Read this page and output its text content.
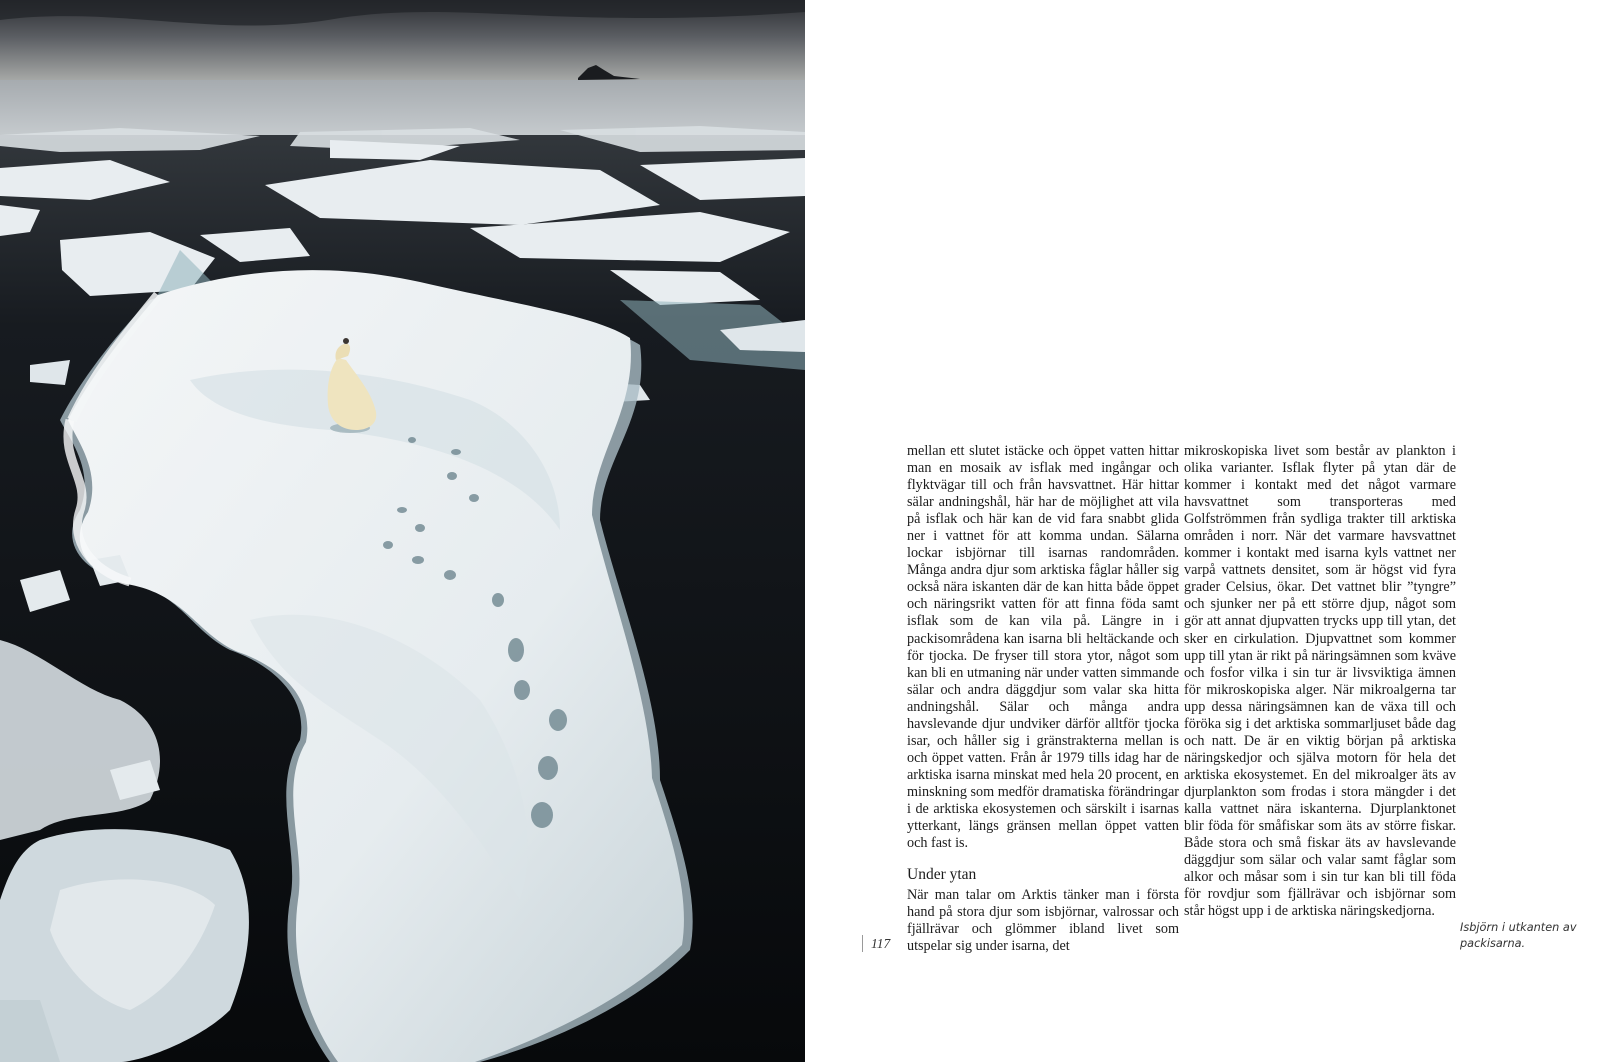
mellan ett slutet istäcke och öppet vatten hittar man en mosaik av isflak med ingångar och flyktvägar till och från havsvattnet. Här hittar sälar andningshål, här har de möjlighet att vila på isflak och här kan de vid fara snabbt glida ner i vattnet för att komma undan. Sälarna lockar isbjörnar till isarnas randområden. Många andra djur som arktiska fåglar håller sig också nära iskanten där de kan hitta både öppet och näringsrikt vatten för att finna föda samt isflak som de kan vila på. Längre in i packisområdena kan isarna bli heltäckande och för tjocka. De fryser till stora ytor, något som kan bli en utmaning när under vatten simmande sälar och andra däggdjur som valar ska hitta andningshål. Sälar och många andra havslevande djur undviker därför alltför tjocka isar, och håller sig i gränstrakterna mellan is och öppet vatten. Från år 1979 tills idag har de arktiska isarna minskat med hela 20 procent, en minskning som medför dramatiska förändringar i de arktiska ekosystemen och särskilt i isarnas ytterkant, längs gränsen mellan öppet vatten och fast is.

Under ytan

När man talar om Arktis tänker man i första hand på stora djur som isbjörnar, valrossar och fjällrävar och glömmer ibland livet som utspelar sig under isarna, det

mikroskopiska livet som består av plankton i olika varianter. Isflak flyter på ytan där de kommer i kontakt med det något varmare havsvattnet som transporteras med Golfströmmen från sydliga trakter till arktiska områden i norr. När det varmare havsvattnet kommer i kontakt med isarna kyls vattnet ner varpå vattnets densitet, som är högst vid fyra grader Celsius, ökar. Det vattnet blir ”tyngre” och sjunker ner på ett större djup, något som gör att annat djupvatten trycks upp till ytan, det sker en cirkulation. Djupvattnet som kommer upp till ytan är rikt på näringsämnen som kväve och fosfor vilka i sin tur är livsviktiga ämnen för mikroskopiska alger. När mikroalgerna tar upp dessa näringsämnen kan de växa till och föröka sig i det arktiska sommarljuset både dag och natt. De är en viktig början på arktiska näringskedjor och själva motorn för hela det arktiska ekosystemet. En del mikroalger äts av djurplankton som frodas i stora mängder i det kalla vattnet nära iskanterna. Djurplanktonet blir föda för småfiskar som äts av större fiskar. Både stora och små fiskar äts av havslevande däggdjur som sälar och valar samt fåglar som alkor och måsar som i sin tur kan bli till föda för rovdjur som fjällrävar och isbjörnar som står högst upp i de arktiska näringskedjorna.

117
Isbjörn i utkanten av packisarna.
